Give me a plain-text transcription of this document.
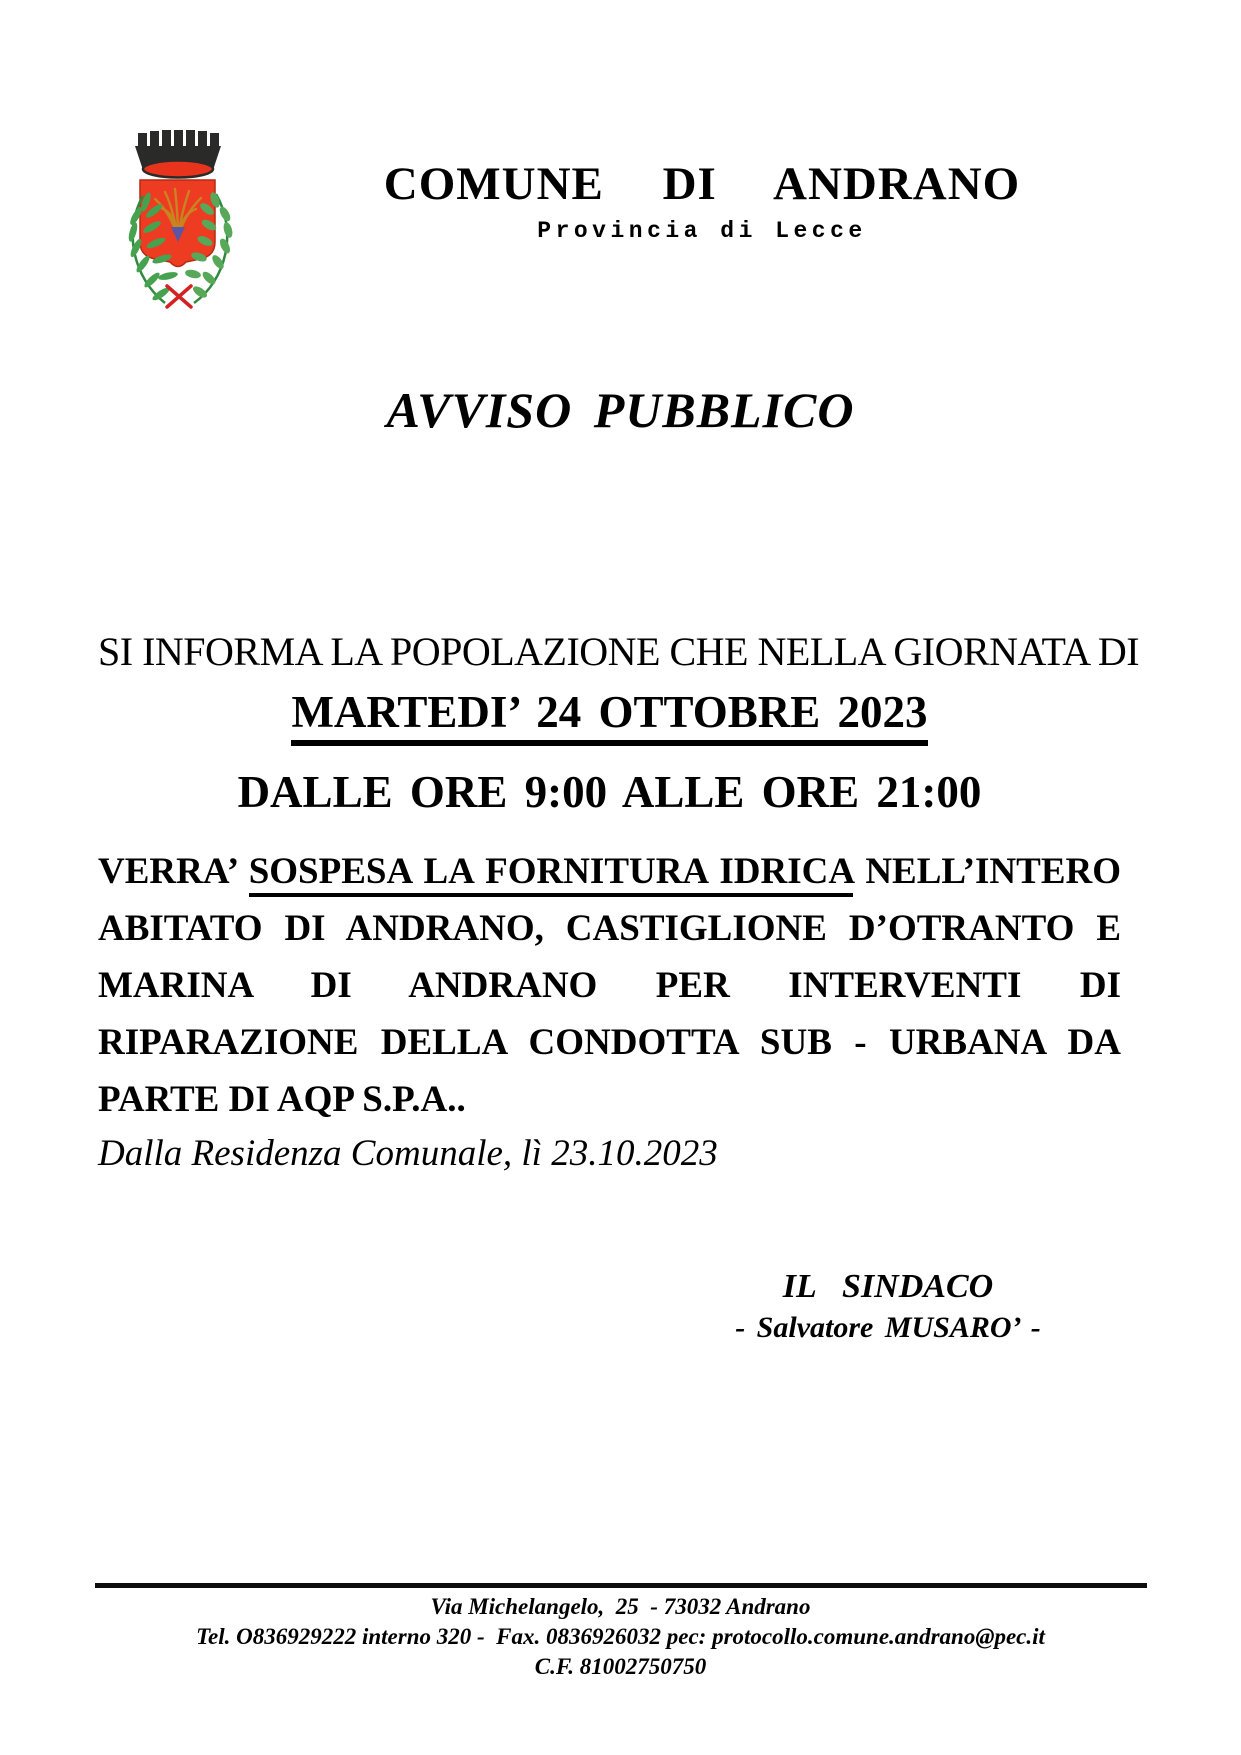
COMUNE DI ANDRANO
Provincia di Lecce
AVVISO PUBBLICO
SI INFORMA LA POPOLAZIONE CHE NELLA GIORNATA DI
MARTEDI’ 24 OTTOBRE 2023
DALLE ORE 9:00 ALLE ORE 21:00
VERRA’ SOSPESA LA FORNITURA IDRICA NELL’INTERO ABITATO DI ANDRANO, CASTIGLIONE D’OTRANTO E MARINA DI ANDRANO PER INTERVENTI DI RIPARAZIONE DELLA CONDOTTA SUB - URBANA DA PARTE DI AQP S.P.A..
Dalla Residenza Comunale, lì 23.10.2023
IL SINDACO
- Salvatore MUSARO’ -
Via Michelangelo,  25  - 73032 Andrano
Tel. O836929222 interno 320 -  Fax. 0836926032 pec: protocollo.comune.andrano@pec.it
C.F. 81002750750
